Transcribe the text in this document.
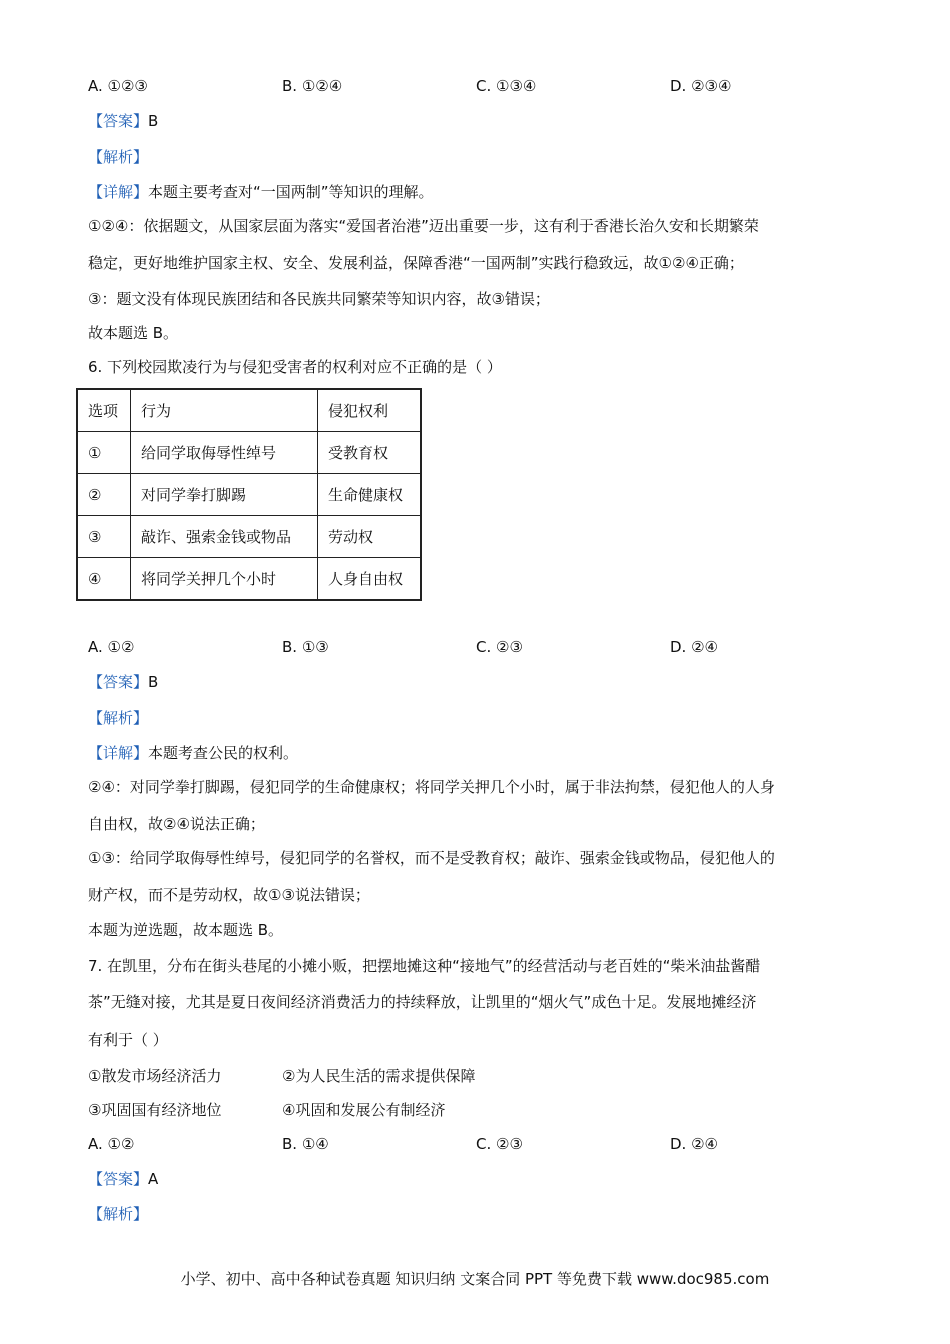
A. ①②③	B. ①②④	C. ①③④	D. ②③④
【答案】B
【解析】
【详解】本题主要考查对“一国两制”等知识的理解。
①②④：依据题文，从国家层面为落实“爱国者治港”迈出重要一步，这有利于香港长治久安和长期繁荣
稳定，更好地维护国家主权、安全、发展利益，保障香港“一国两制”实践行稳致远，故①②④正确；
③：题文没有体现民族团结和各民族共同繁荣等知识内容，故③错误；
故本题选 B。
6. 下列校园欺凌行为与侵犯受害者的权利对应不正确的是（ ）
选项	行为	侵犯权利
①	给同学取侮辱性绰号	受教育权
②	对同学拳打脚踢	生命健康权
③	敲诈、强索金钱或物品	劳动权
④	将同学关押几个小时	人身自由权
A. ①②	B. ①③	C. ②③	D. ②④
【答案】B
【解析】
【详解】本题考查公民的权利。
②④：对同学拳打脚踢，侵犯同学的生命健康权；将同学关押几个小时，属于非法拘禁，侵犯他人的人身
自由权，故②④说法正确；
①③：给同学取侮辱性绰号，侵犯同学的名誉权，而不是受教育权；敲诈、强索金钱或物品，侵犯他人的
财产权，而不是劳动权，故①③说法错误；
本题为逆选题，故本题选 B。
7. 在凯里，分布在街头巷尾的小摊小贩，把摆地摊这种“接地气”的经营活动与老百姓的“柴米油盐酱醋
茶”无缝对接，尤其是夏日夜间经济消费活力的持续释放，让凯里的“烟火气”成色十足。发展地摊经济
有利于（ ）
①散发市场经济活力	②为人民生活的需求提供保障
③巩固国有经济地位	④巩固和发展公有制经济
A. ①②	B. ①④	C. ②③	D. ②④
【答案】A
【解析】
小学、初中、高中各种试卷真题 知识归纳 文案合同 PPT 等免费下载 www.doc985.com
